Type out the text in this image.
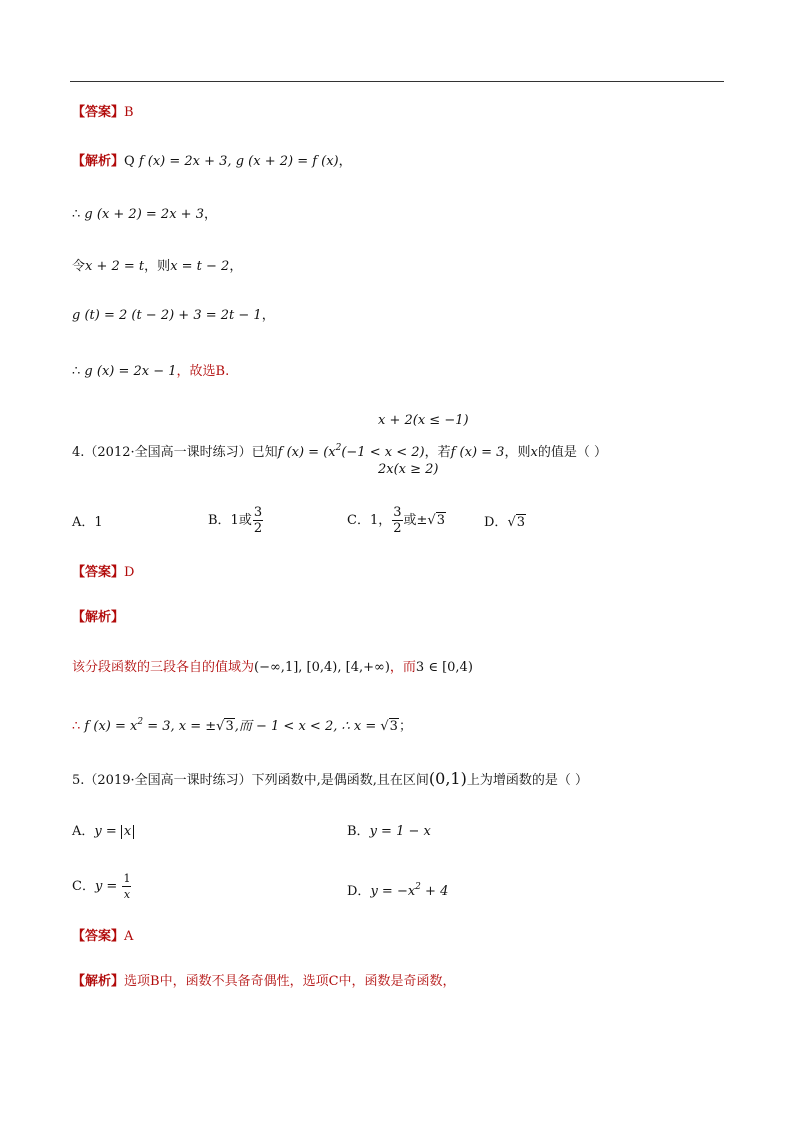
【答案】B
【解析】Q f (x) = 2x + 3, g (x + 2) = f (x)，
∴ g (x + 2) = 2x + 3，
令x + 2 = t，则x = t − 2，
g (t) = 2 (t − 2) + 3 = 2t − 1，
∴ g (x) = 2x − 1，故选B.
x + 2(x ≤ −1)
2x(x ≥ 2)
4.（2012·全国高一课时练习）已知f $(x) = (x^2(-1 < x < 2)$，若f (x) = 3，则x的值是（ ）
A．1	B．1或 $\frac{3}{2}$	C．1， $\frac{3}{2}$ 或±√3	D．√3
【答案】D
【解析】
该分段函数的三段各自的值域为(−∞,1], [0,4), [4,+∞)，而3 ∈ [0,4)
∴ f $(x) = x^2 = 3$, x = ±√3,而 − 1 < x < 2, ∴ x = √3；
5.（2019·全国高一课时练习）下列函数中,是偶函数,且在区间(0,1)上为增函数的是（ ）
A．y = x	B．y = 1 − x
C．$y = \frac{1}{x}$	D．$y = -x^2 + 4$
【答案】A
【解析】选项B中，函数不具备奇偶性，选项C中，函数是奇函数，
